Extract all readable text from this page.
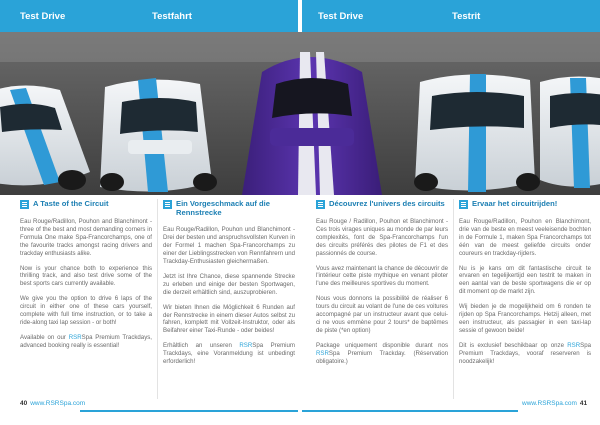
Test Drive	Testfahrt	Test Drive	Testrit
A Taste of the Circuit

Eau Rouge/Radillon, Pouhon and Blanchimont - three of the best and most demanding corners in Formula One make Spa-Francorchamps, one of the favourite tracks amongst racing drivers and trackday enthusiasts alike.

Now is your chance both to experience this thrilling track, and also test drive some of the best sports cars currently available.

We give you the option to drive 6 laps of the circuit in either one of these cars yourself, complete with full time instruction, or to take a ride-along taxi lap session - or both!

Available on our RSRSpa Premium Trackdays, advanced booking really is essential!

Ein Vorgeschmack auf die Rennstrecke

Eau Rouge/Radillon, Pouhon und Blanchimont - Drei der besten und anspruchsvollsten Kurven in der Formel 1 machen Spa-Francorchamps zu einer der Lieblingsstrecken von Rennfahrern und Trackday-Enthusiasten gleichermaßen.

Jetzt ist Ihre Chance, diese spannende Strecke zu erleben und einige der besten Sportwagen, die derzeit erhältlich sind, auszuprobieren.

Wir bieten Ihnen die Möglichkeit 6 Runden auf der Rennstrecke in einem dieser Autos selbst zu fahren, komplett mit Vollzeit-Instruktor, oder als Beifahrer einer Taxi-Runde - oder beides!

Erhältlich an unseren RSRSpa Premium Trackdays, eine Voranmeldung ist unbedingt erforderlich!

Découvrez l'univers des circuits

Eau Rouge / Radillon, Pouhon et Blanchimont - Ces trois virages uniques au monde de par leurs complexités, font de Spa-Francorchamps l'un des circuits préférés des pilotes de F1 et des passionnés de course.

Vous avez maintenant la chance de découvrir de l'intérieur cette piste mythique en venant piloter l'une des meilleures sportives du moment.

Nous vous donnons la possibilité de réaliser 6 tours du circuit au volant de l'une de ces voitures accompagné par un instructeur avant que celui-ci ne vous emmène pour 2 tours* de baptêmes de piste (*en option)

Package uniquement disponible durant nos RSRSpa Premium Trackday. (Réservation obligatoire.)

Ervaar het circuitrijden!

Eau Rouge/Radillon, Pouhon en Blanchimont, drie van de beste en meest veeleisende bochten in de Formule 1, maken Spa Francorchamps tot één van de meest geliefde circuits onder coureurs en trackday-rijders.

Nu is je kans om dit fantastische circuit te ervaren en tegelijkertijd een testrit te maken in een aantal van de beste sportwagens die er op dit moment op de markt zijn.

Wij bieden je de mogelijkheid om 6 ronden te rijden op Spa Francorchamps. Hetzij alleen, met een instructeur, als passagier in een taxi-lap sessie of gewoon beide!

Dit is exclusief beschikbaar op onze RSRSpa Premium Trackdays, vooraf reserveren is noodzakelijk!

40 www.RSRSpa.com	www.RSRSpa.com 41
